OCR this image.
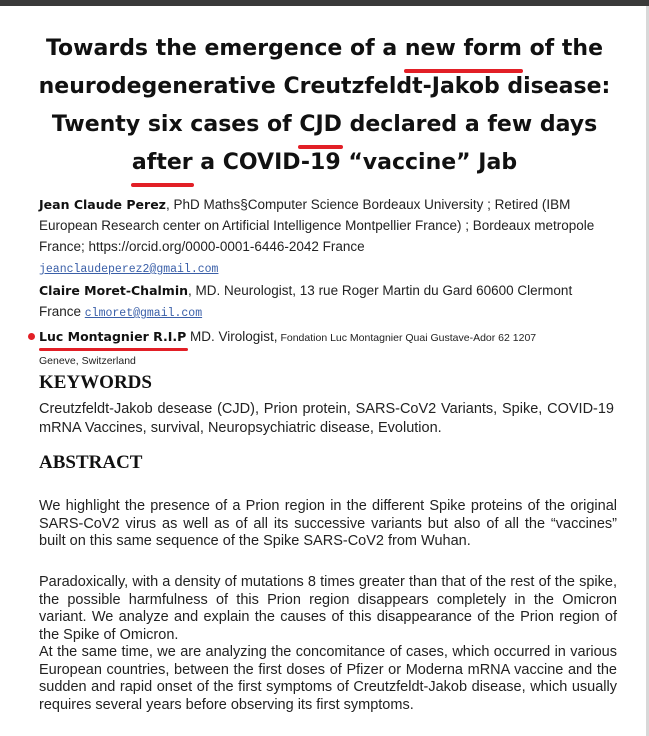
Towards the emergence of a new form of the
neurodegenerative Creutzfeldt-Jakob disease:
Twenty six cases of CJD declared a few days
after a COVID-19 “vaccine” Jab

Jean Claude Perez, PhD Maths§Computer Science Bordeaux University ; Retired (IBM European Research center on Artificial Intelligence Montpellier France) ; Bordeaux metropole France; https://orcid.org/0000-0001-6446-2042 France
jeanclaudeperez2@gmail.com

Claire Moret-Chalmin, MD. Neurologist, 13 rue Roger Martin du Gard 60600 Clermont France clmoret@gmail.com

Luc Montagnier R.I.P MD. Virologist, Fondation Luc Montagnier Quai Gustave-Ador 62 1207
Geneve, Switzerland

KEYWORDS

Creutzfeldt-Jakob desease (CJD), Prion protein, SARS-CoV2 Variants, Spike, COVID-19 mRNA Vaccines, survival, Neuropsychiatric disease, Evolution.

ABSTRACT

We highlight the presence of a Prion region in the different Spike proteins of the original SARS-CoV2 virus as well as of all its successive variants but also of all the “vaccines” built on this same sequence of the Spike SARS-CoV2 from Wuhan.

Paradoxically, with a density of mutations 8 times greater than that of the rest of the spike, the possible harmfulness of this Prion region disappears completely in the Omicron variant. We analyze and explain the causes of this disappearance of the Prion region of the Spike of Omicron.

At the same time, we are analyzing the concomitance of cases, which occurred in various European countries, between the first doses of Pfizer or Moderna mRNA vaccine and the sudden and rapid onset of the first symptoms of Creutzfeldt-Jakob disease, which usually requires several years before observing its first symptoms.
